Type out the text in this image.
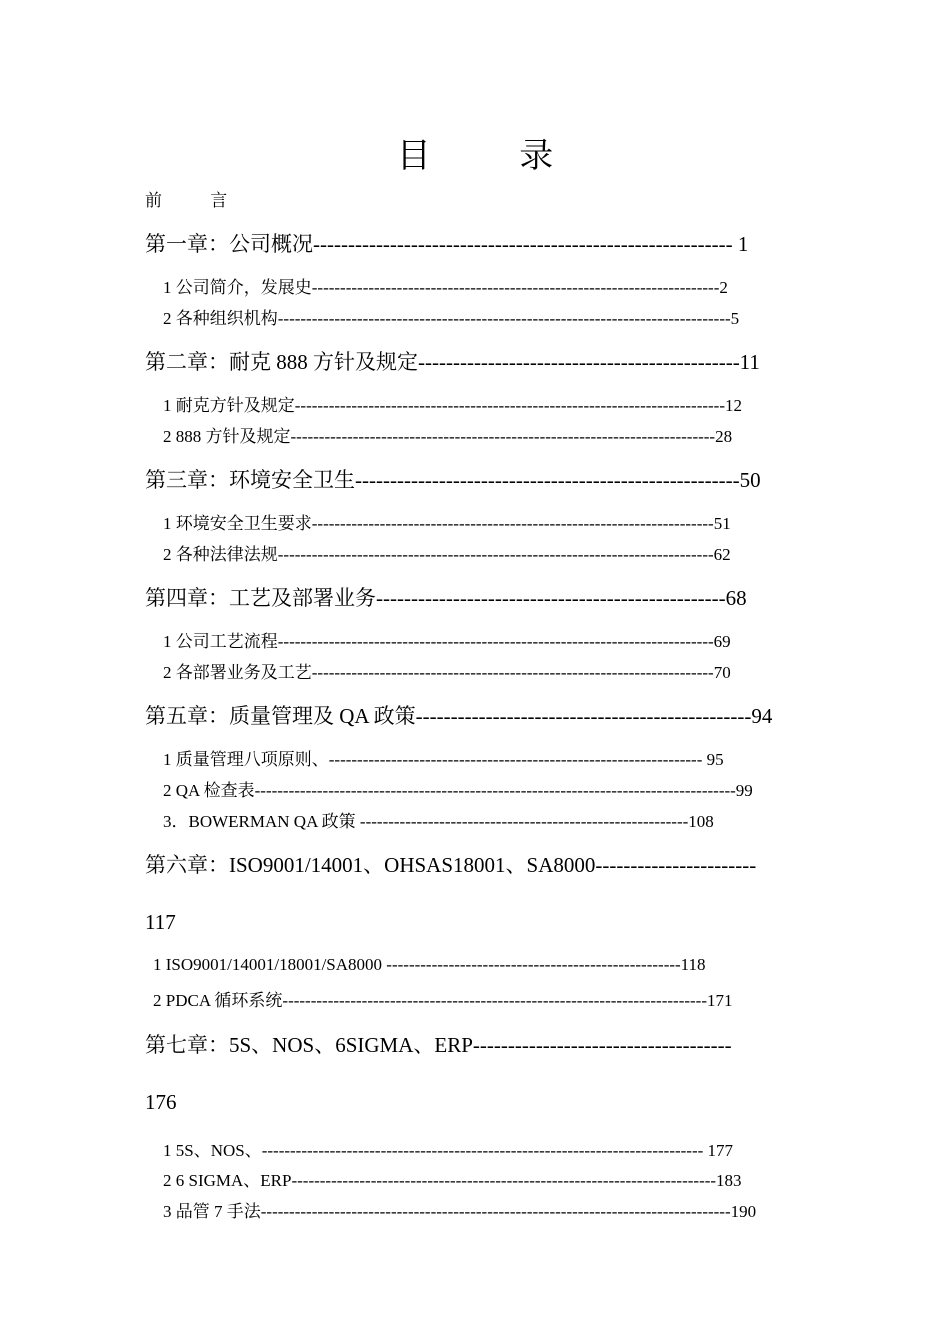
目 录
前 言
第一章：公司概况------------------------------------------------------------ 1
1 公司简介，发展史------------------------------------------------------------------------2
2 各种组织机构--------------------------------------------------------------------------------5
第二章：耐克 888 方针及规定----------------------------------------------11
1 耐克方针及规定----------------------------------------------------------------------------12
2 888 方针及规定---------------------------------------------------------------------------28
第三章：环境安全卫生-------------------------------------------------------50
1 环境安全卫生要求-----------------------------------------------------------------------51
2 各种法律法规-----------------------------------------------------------------------------62
第四章：工艺及部署业务--------------------------------------------------68
1 公司工艺流程-----------------------------------------------------------------------------69
2 各部署业务及工艺-----------------------------------------------------------------------70
第五章：质量管理及 QA 政策------------------------------------------------94
1 质量管理八项原则、------------------------------------------------------------------ 95
2 QA 检查表-------------------------------------------------------------------------------------99
3．BOWERMAN QA 政策 ----------------------------------------------------------108
第六章：ISO9001/14001、OHSAS18001、SA8000-----------------------
117
1 ISO9001/14001/18001/SA8000 ----------------------------------------------------118
2 PDCA 循环系统---------------------------------------------------------------------------171
第七章：5S、NOS、6SIGMA、ERP-------------------------------------
176
1 5S、NOS、------------------------------------------------------------------------------ 177
2 6 SIGMA、ERP---------------------------------------------------------------------------183
3 品管 7 手法-----------------------------------------------------------------------------------190
